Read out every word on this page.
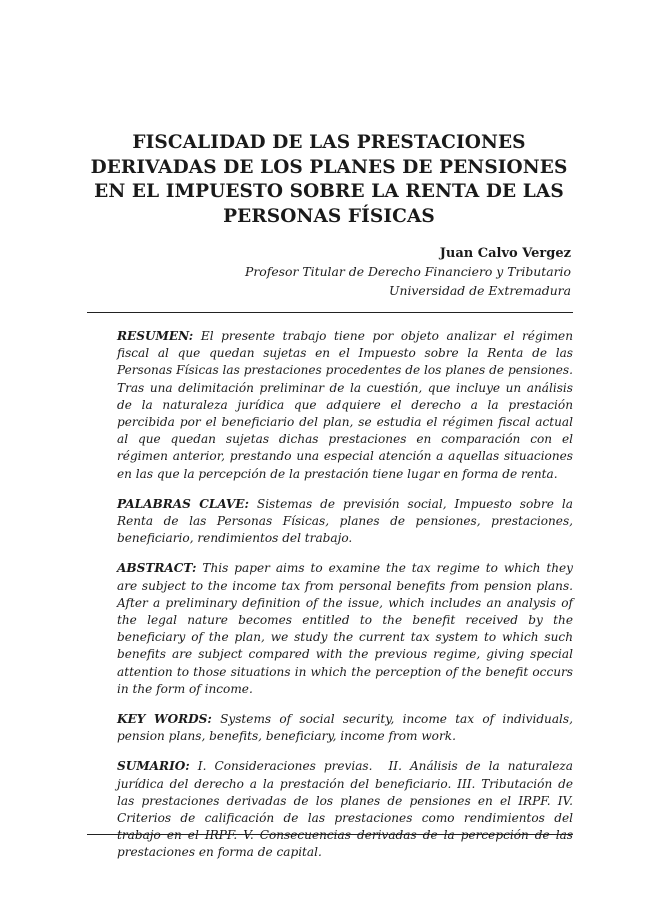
FISCALIDAD DE LAS PRESTACIONES DERIVADAS DE LOS PLANES DE PENSIONES EN EL IMPUESTO SOBRE LA RENTA DE LAS PERSONAS FÍSICAS
Juan Calvo Vergez
Profesor Titular de Derecho Financiero y Tributario
Universidad de Extremadura

RESUMEN: El presente trabajo tiene por objeto analizar el régimen fiscal al que quedan sujetas en el Impuesto sobre la Renta de las Personas Físicas las prestaciones procedentes de los planes de pensiones. Tras una delimitación preliminar de la cuestión, que incluye un análisis de la naturaleza jurídica que adquiere el derecho a la prestación percibida por el beneficiario del plan, se estudia el régimen fiscal actual al que quedan sujetas dichas prestaciones en comparación con el régimen anterior, prestando una especial atención a aquellas situaciones en las que la percepción de la prestación tiene lugar en forma de renta.

PALABRAS CLAVE: Sistemas de previsión social, Impuesto sobre la Renta de las Personas Físicas, planes de pensiones, prestaciones, beneficiario, rendimientos del trabajo.

ABSTRACT: This paper aims to examine the tax regime to which they are subject to the income tax from personal benefits from pension plans. After a preliminary definition of the issue, which includes an analysis of the legal nature becomes entitled to the benefit received by the beneficiary of the plan, we study the current tax system to which such benefits are subject compared with the previous regime, giving special attention to those situations in which the perception of the benefit occurs in the form of income.

KEY WORDS: Systems of social security, income tax of individuals, pension plans, benefits, beneficiary, income from work.

SUMARIO: I. Consideraciones previas.  II. Análisis de la naturaleza jurídica del derecho a la prestación del beneficiario. III. Tributación de las prestaciones derivadas de los planes de pensiones en el IRPF. IV. Criterios de calificación de las prestaciones como rendimientos del trabajo en el IRPF. V. Consecuencias derivadas de la percepción de las prestaciones en forma de capital.
